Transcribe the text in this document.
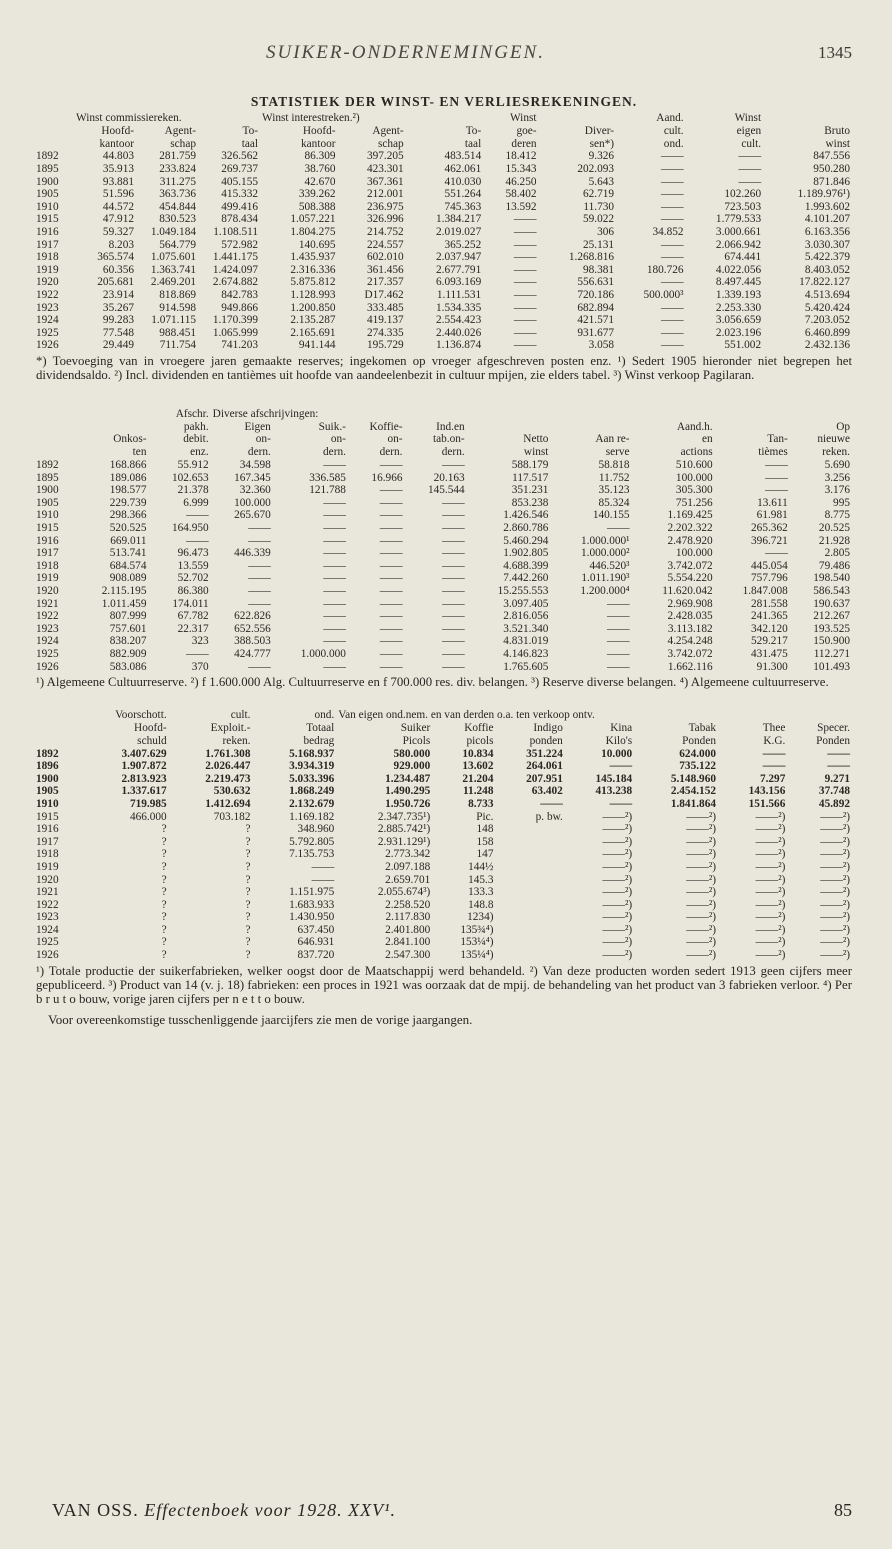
SUIKER-ONDERNEMINGEN.	1345
STATISTIEK DER WINST- EN VERLIESREKENINGEN.
	Winst commissiereken.			Winst interestreken.²)			Winst		Aand.	Winst	
	Hoofd-	Agent-	To-	Hoofd-	Agent-	To-	goe-	Diver-	cult.	eigen	Bruto
	kantoor	schap	taal	kantoor	schap	taal	deren	sen*)	ond.	cult.	winst
1892	44.803	281.759	326.562	86.309	397.205	483.514	18.412	9.326	——	——	847.556
1895	35.913	233.824	269.737	38.760	423.301	462.061	15.343	202.093	——	——	950.280
1900	93.881	311.275	405.155	42.670	367.361	410.030	46.250	5.643	——	——	871.846
1905	51.596	363.736	415.332	339.262	212.001	551.264	58.402	62.719	——	102.260	1.189.976¹)
1910	44.572	454.844	499.416	508.388	236.975	745.363	13.592	11.730	——	723.503	1.993.602
1915	47.912	830.523	878.434	1.057.221	326.996	1.384.217	——	59.022	——	1.779.533	4.101.207
1916	59.327	1.049.184	1.108.511	1.804.275	214.752	2.019.027	——	306	34.852	3.000.661	6.163.356
1917	8.203	564.779	572.982	140.695	224.557	365.252	——	25.131	——	2.066.942	3.030.307
1918	365.574	1.075.601	1.441.175	1.435.937	602.010	2.037.947	——	1.268.816	——	674.441	5.422.379
1919	60.356	1.363.741	1.424.097	2.316.336	361.456	2.677.791	——	98.381	180.726	4.022.056	8.403.052
1920	205.681	2.469.201	2.674.882	5.875.812	217.357	6.093.169	——	556.631	——	8.497.445	17.822.127
1922	23.914	818.869	842.783	1.128.993	D17.462	1.111.531	——	720.186	500.000³	1.339.193	4.513.694
1923	35.267	914.598	949.866	1.200.850	333.485	1.534.335	——	682.894	——	2.253.330	5.420.424
1924	99.283	1.071.115	1.170.399	2.135.287	419.137	2.554.423	——	421.571	——	3.056.659	7.203.052
1925	77.548	988.451	1.065.999	2.165.691	274.335	2.440.026	——	931.677	——	2.023.196	6.460.899
1926	29.449	711.754	741.203	941.144	195.729	1.136.874	——	3.058	——	551.002	2.432.136

*) Toevoeging van in vroegere jaren gemaakte reserves; ingekomen op vroeger afgeschreven posten enz. ¹) Sedert 1905 hieronder niet begrepen het dividendsaldo. ²) Incl. dividenden en tantièmes uit hoofde van aandeelenbezit in cultuur mpijen, zie elders tabel. ³) Winst verkoop Pagilaran.

		Afschr.	Diverse afschrijvingen:							
		pakh.	Eigen	Suik.-	Koffie-	Ind.en			Aand.h.		Op
	Onkos-	debit.	on-	on-	on-	tab.on-	Netto	Aan re-	en	Tan-	nieuwe
	ten	enz.	dern.	dern.	dern.	dern.	winst	serve	actions	tièmes	reken.
1892	168.866	55.912	34.598	——	——	——	588.179	58.818	510.600	——	5.690
1895	189.086	102.653	167.345	336.585	16.966	20.163	117.517	11.752	100.000	——	3.256
1900	198.577	21.378	32.360	121.788	——	145.544	351.231	35.123	305.300	——	3.176
1905	229.739	6.999	100.000	——	——	——	853.238	85.324	751.256	13.611	995
1910	298.366	——	265.670	——	——	——	1.426.546	140.155	1.169.425	61.981	8.775
1915	520.525	164.950	——	——	——	——	2.860.786	——	2.202.322	265.362	20.525
1916	669.011	——	——	——	——	——	5.460.294	1.000.000¹	2.478.920	396.721	21.928
1917	513.741	96.473	446.339	——	——	——	1.902.805	1.000.000²	100.000	——	2.805
1918	684.574	13.559	——	——	——	——	4.688.399	446.520³	3.742.072	445.054	79.486
1919	908.089	52.702	——	——	——	——	7.442.260	1.011.190³	5.554.220	757.796	198.540
1920	2.115.195	86.380	——	——	——	——	15.255.553	1.200.000⁴	11.620.042	1.847.008	586.543
1921	1.011.459	174.011	——	——	——	——	3.097.405	——	2.969.908	281.558	190.637
1922	807.999	67.782	622.826	——	——	——	2.816.056	——	2.428.035	241.365	212.267
1923	757.601	22.317	652.556	——	——	——	3.521.340	——	3.113.182	342.120	193.525
1924	838.207	323	388.503	——	——	——	4.831.019	——	4.254.248	529.217	150.900
1925	882.909	——	424.777	1.000.000	——	——	4.146.823	——	3.742.072	431.475	112.271
1926	583.086	370	——	——	——	——	1.765.605	——	1.662.116	91.300	101.493

¹) Algemeene Cultuurreserve. ²) f 1.600.000 Alg. Cultuurreserve en f 700.000 res. div. belangen. ³) Reserve diverse belangen. ⁴) Algemeene cultuurreserve.

	Voorschott.	cult.	ond.	Van eigen ond.nem. en van derden o.a. ten verkoop ontv.					
	Hoofd-	Exploit.-	Totaal	Suiker	Koffie	Indigo	Kina	Tabak	Thee	Specer.
	schuld	reken.	bedrag	Picols	picols	ponden	Kilo's	Ponden	K.G.	Ponden
1892	3.407.629	1.761.308	5.168.937	580.000	10.834	351.224	10.000	624.000	——	——
1896	1.907.872	2.026.447	3.934.319	929.000	13.602	264.061	——	735.122	——	——
1900	2.813.923	2.219.473	5.033.396	1.234.487	21.204	207.951	145.184	5.148.960	7.297	9.271
1905	1.337.617	530.632	1.868.249	1.490.295	11.248	63.402	413.238	2.454.152	143.156	37.748
1910	719.985	1.412.694	2.132.679	1.950.726	8.733	——	——	1.841.864	151.566	45.892
1915	466.000	703.182	1.169.182	2.347.735¹)	Pic.	p. bw.	——²)	——²)	——²)	——²)
1916	?	?	348.960	2.885.742¹)	148		——²)	——²)	——²)	——²)
1917	?	?	5.792.805	2.931.129¹)	158		——²)	——²)	——²)	——²)
1918	?	?	7.135.753	2.773.342	147		——²)	——²)	——²)	——²)
1919	?	?	——	2.097.188	144½		——²)	——²)	——²)	——²)
1920	?	?	——	2.659.701	145.3		——²)	——²)	——²)	——²)
1921	?	?	1.151.975	2.055.674³)	133.3		——²)	——²)	——²)	——²)
1922	?	?	1.683.933	2.258.520	148.8		——²)	——²)	——²)	——²)
1923	?	?	1.430.950	2.117.830	1234)		——²)	——²)	——²)	——²)
1924	?	?	637.450	2.401.800	135¾⁴)		——²)	——²)	——²)	——²)
1925	?	?	646.931	2.841.100	153¼⁴)		——²)	——²)	——²)	——²)
1926	?	?	837.720	2.547.300	135¼⁴)		——²)	——²)	——²)	——²)

¹) Totale productie der suikerfabrieken, welker oogst door de Maatschappij werd behandeld. ²) Van deze producten worden sedert 1913 geen cijfers meer gepubliceerd. ³) Product van 14 (v. j. 18) fabrieken: een proces in 1921 was oorzaak dat de mpij. de behandeling van het product van 3 fabrieken verloor. ⁴) Per b r u t o bouw, vorige jaren cijfers per n e t t o bouw.

Voor overeenkomstige tusschenliggende jaarcijfers zie men de vorige jaargangen.
VAN OSS. Effectenboek voor 1928. XXV¹.	85
